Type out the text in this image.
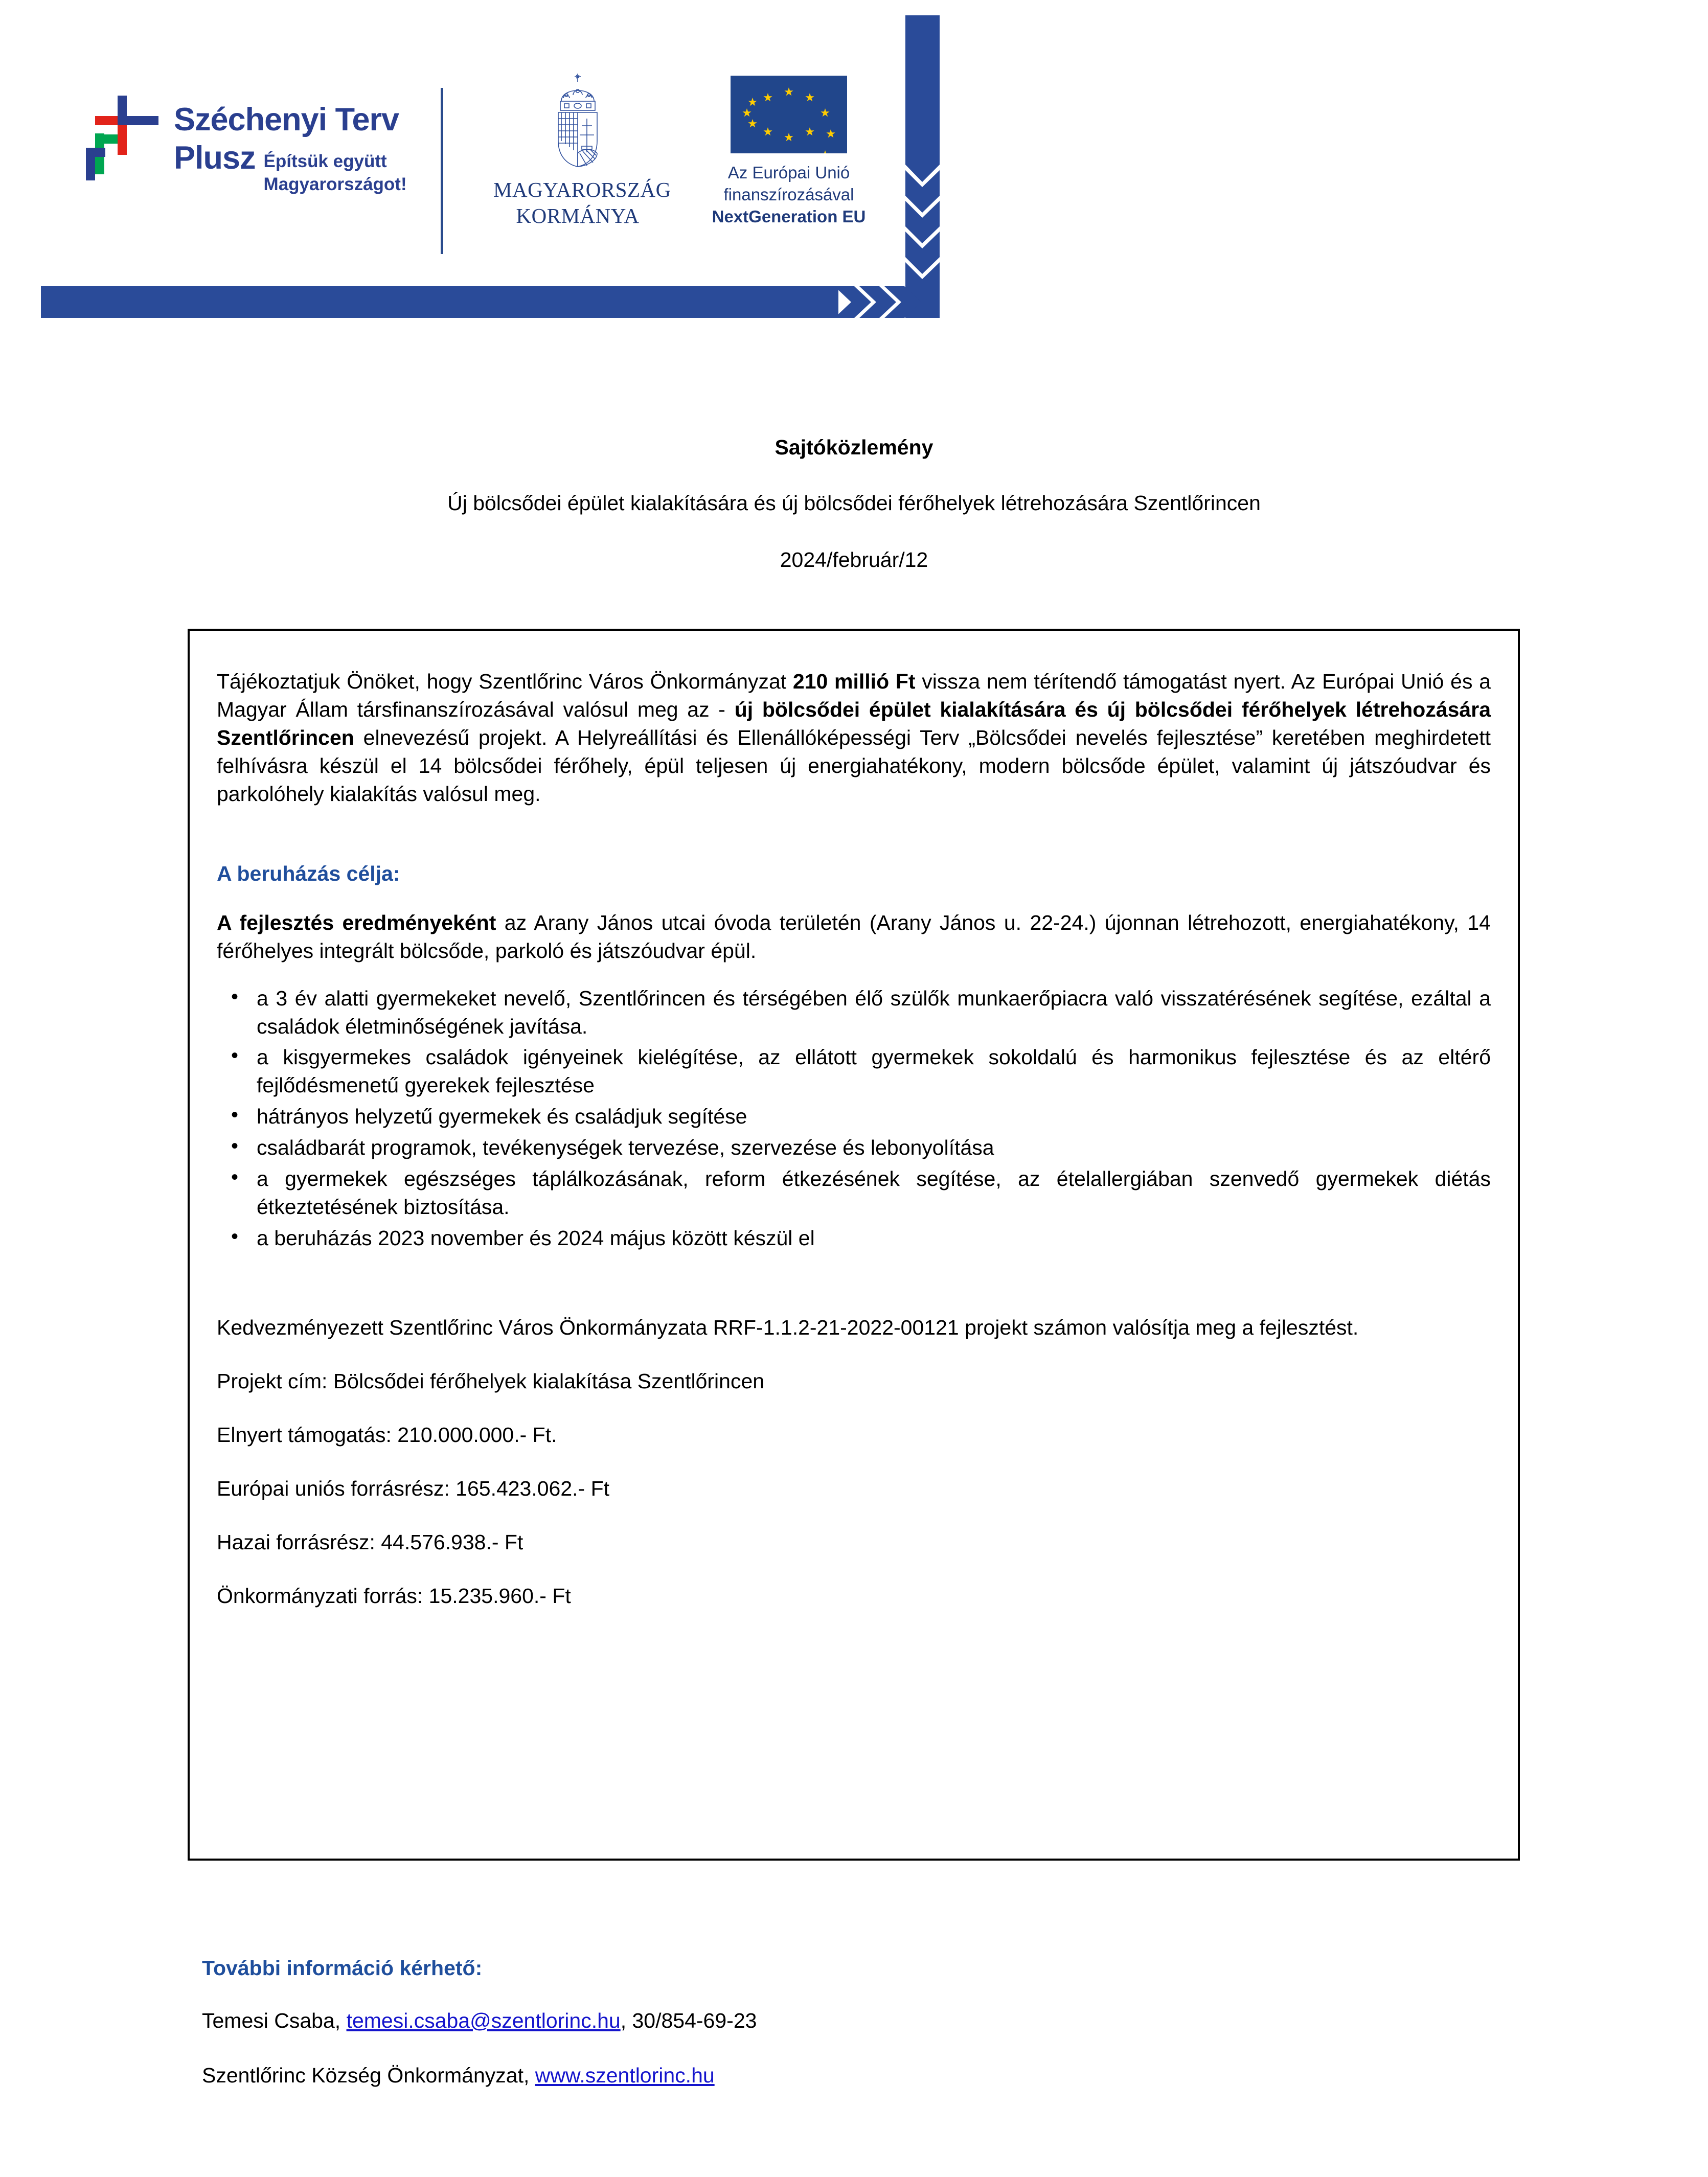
Széchenyi Terv
Plusz Építsük együtt
Magyarországot!	MAGYARORSZÁG
KORMÁNYA
Az Európai Unió
finanszírozásával
NextGeneration EU
Sajtóközlemény
Új bölcsődei épület kialakítására és új bölcsődei férőhelyek létrehozására Szentlőrincen
2024/február/12

Tájékoztatjuk Önöket, hogy Szentlőrinc Város Önkormányzat 210 millió Ft vissza nem térítendő támogatást nyert. Az Európai Unió és a Magyar Állam társfinanszírozásával valósul meg az - új bölcsődei épület kialakítására és új bölcsődei férőhelyek létrehozására Szentlőrincen elnevezésű projekt. A Helyreállítási és Ellenállóképességi Terv „Bölcsődei nevelés fejlesztése” keretében meghirdetett felhívásra készül el 14 bölcsődei férőhely, épül teljesen új energiahatékony, modern bölcsőde épület, valamint új játszóudvar és parkolóhely kialakítás valósul meg.

A beruházás célja:

A fejlesztés eredményeként az Arany János utcai óvoda területén (Arany János u. 22-24.) újonnan létrehozott, energiahatékony, 14 férőhelyes integrált bölcsőde, parkoló és játszóudvar épül.

• a 3 év alatti gyermekeket nevelő, Szentlőrincen és térségében élő szülők munkaerőpiacra való visszatérésének segítése, ezáltal a családok életminőségének javítása.
• a kisgyermekes családok igényeinek kielégítése, az ellátott gyermekek sokoldalú és harmonikus fejlesztése és az eltérő fejlődésmenetű gyerekek fejlesztése
• hátrányos helyzetű gyermekek és családjuk segítése
• családbarát programok, tevékenységek tervezése, szervezése és lebonyolítása
• a gyermekek egészséges táplálkozásának, reform étkezésének segítése, az ételallergiában szenvedő gyermekek diétás étkeztetésének biztosítása.
• a beruházás 2023 november és 2024 május között készül el

Kedvezményezett Szentlőrinc Város Önkormányzata RRF-1.1.2-21-2022-00121 projekt számon valósítja meg a fejlesztést.

Projekt cím: Bölcsődei férőhelyek kialakítása Szentlőrincen
Elnyert támogatás: 210.000.000.- Ft.
Európai uniós forrásrész: 165.423.062.- Ft
Hazai forrásrész: 44.576.938.- Ft
Önkormányzati forrás: 15.235.960.- Ft
További információ kérhető:
Temesi Csaba, temesi.csaba@szentlorinc.hu, 30/854-69-23
Szentlőrinc Község Önkormányzat, www.szentlorinc.hu
